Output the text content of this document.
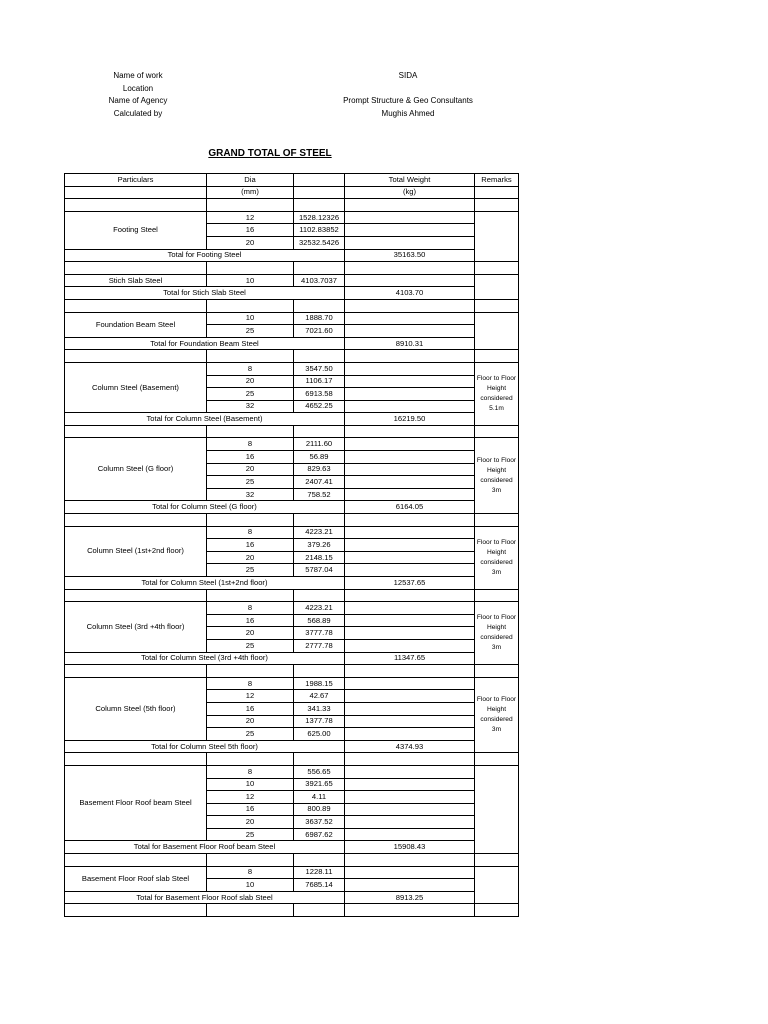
Name of work	SIDA
Location
Name of Agency	Prompt Structure & Geo Consultants
Calculated by	Mughis Ahmed
GRAND TOTAL OF STEEL
Particulars	Dia		Total Weight	Remarks
	(mm)		(kg)	

Footing Steel	12	1528.12326		
	16	1102.83852		
	20	32532.5426		
Total for Footing Steel			35163.50	

Stich Slab Steel	10	4103.7037		
Total for Stich Slab Steel			4103.70	

Foundation Beam Steel	10	1888.70		
	25	7021.60		
Total for Foundation Beam Steel			8910.31	

Column Steel (Basement)	8	3547.50		Floor to Floor Height considered 5.1m
	20	1106.17		
	25	6913.58		
	32	4652.25		
Total for Column Steel (Basement)			16219.50	

Column Steel (G floor)	8	2111.60		Floor to Floor Height considered 3m
	16	56.89		
	20	829.63		
	25	2407.41		
	32	758.52		
Total for Column Steel (G floor)			6164.05	

Column Steel (1st+2nd floor)	8	4223.21		Floor to Floor Height considered 3m
	16	379.26		
	20	2148.15		
	25	5787.04		
Total for Column Steel (1st+2nd floor)			12537.65	

Column Steel (3rd +4th floor)	8	4223.21		Floor to Floor Height considered 3m
	16	568.89		
	20	3777.78		
	25	2777.78		
Total for Column Steel (3rd +4th floor)			11347.65	

Column Steel (5th floor)	8	1988.15		Floor to Floor Height considered 3m
	12	42.67		
	16	341.33		
	20	1377.78		
	25	625.00		
Total for Column Steel 5th floor)			4374.93	

Basement Floor Roof beam Steel	8	556.65		
	10	3921.65		
	12	4.11		
	16	800.89		
	20	3637.52		
	25	6987.62		
Total for Basement Floor Roof beam Steel			15908.43	

Basement Floor Roof slab Steel	8	1228.11		
	10	7685.14		
Total for Basement Floor Roof slab Steel			8913.25	
